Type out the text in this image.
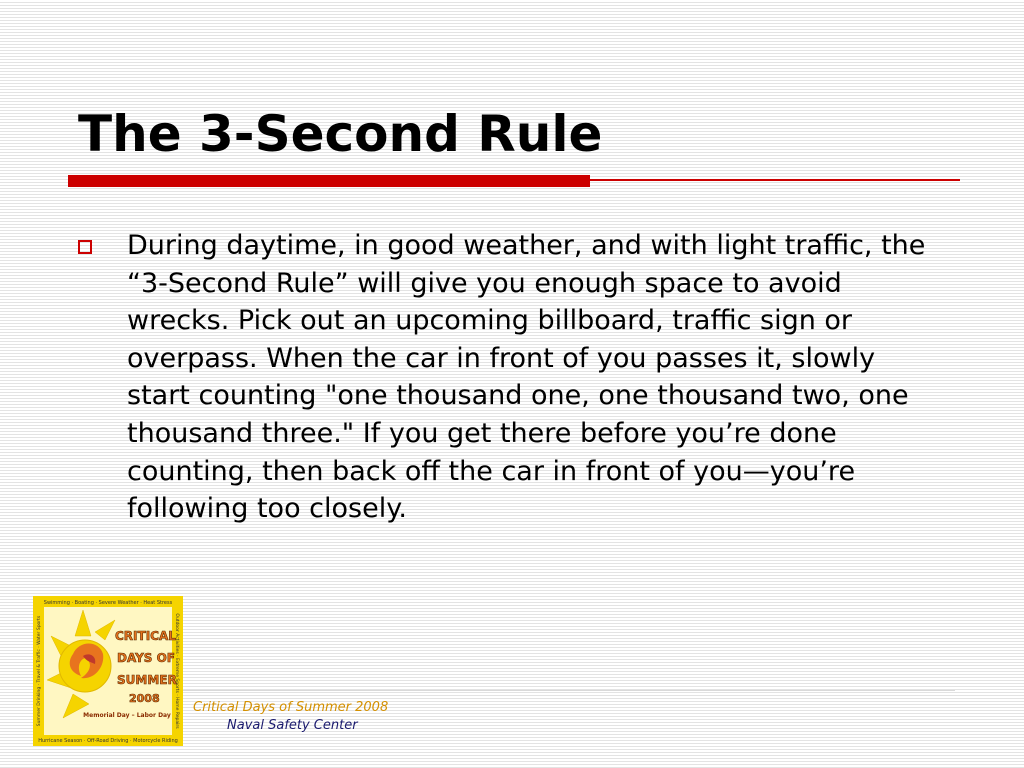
The 3-Second Rule

During daytime, in good weather, and with light traffic, the “3-Second Rule” will give you enough space to avoid wrecks. Pick out an upcoming billboard, traffic sign or overpass. When the car in front of you passes it, slowly start counting "one thousand one, one thousand two, one thousand three." If you get there before you’re done counting, then back off the car in front of you—you’re following too closely.

Swimming · Boating · Severe Weather · Heat Stress
Hurricane Season · Off-Road Driving · Motorcycle Riding
Summer Drinking · Travel & Traffic · Water Sports	Outdoor Activities · Extreme Sports · Home Repairs
CRITICAL
DAYS OF
SUMMER
2008
Memorial Day – Labor Day
Critical Days of Summer 2008
Naval Safety Center
